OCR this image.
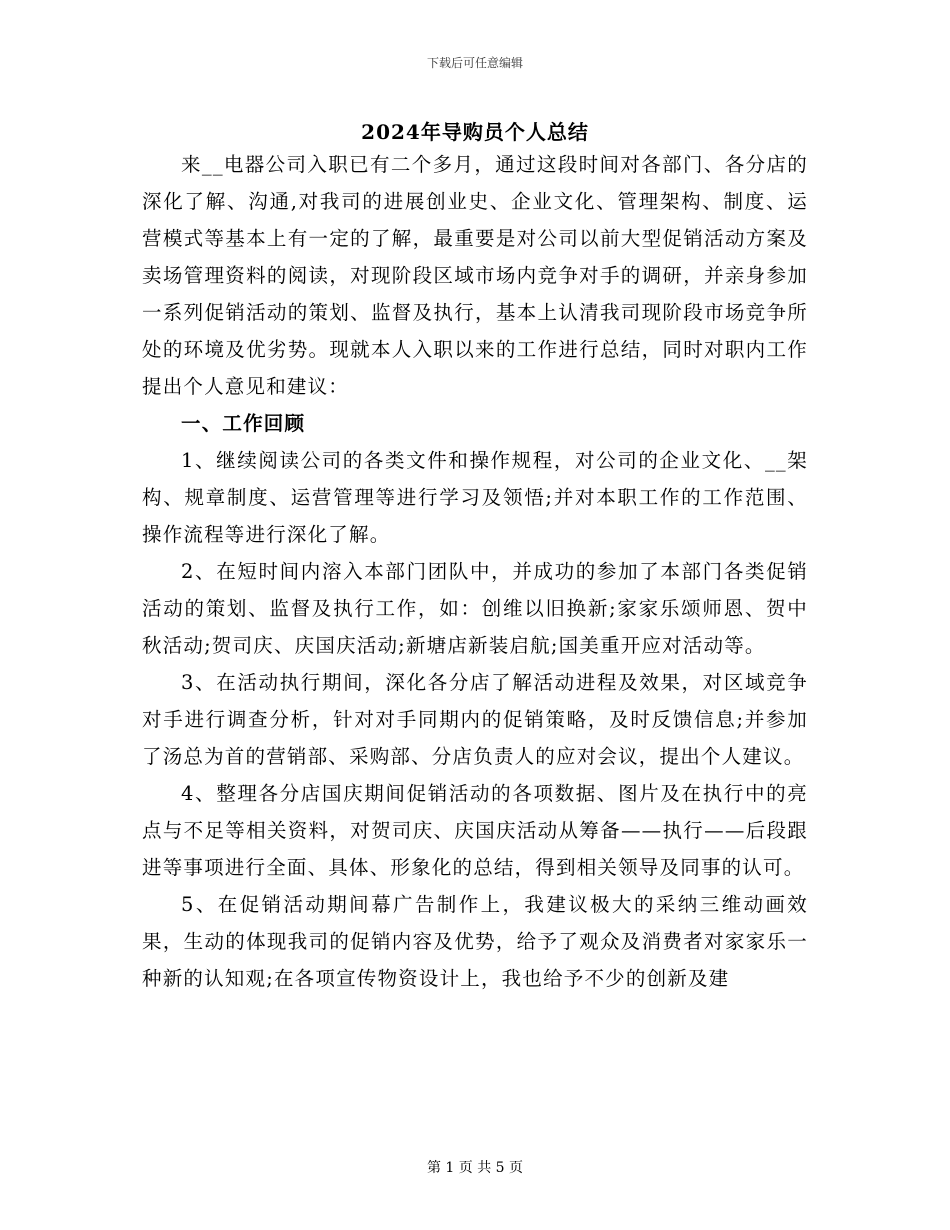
下载后可任意编辑
2024年导购员个人总结

来__电器公司入职已有二个多月，通过这段时间对各部门、各分店的深化了解、沟通,对我司的进展创业史、企业文化、管理架构、制度、运营模式等基本上有一定的了解，最重要是对公司以前大型促销活动方案及卖场管理资料的阅读，对现阶段区域市场内竞争对手的调研，并亲身参加一系列促销活动的策划、监督及执行，基本上认清我司现阶段市场竞争所处的环境及优劣势。现就本人入职以来的工作进行总结，同时对职内工作提出个人意见和建议：

一、工作回顾

1、继续阅读公司的各类文件和操作规程，对公司的企业文化、__架构、规章制度、运营管理等进行学习及领悟;并对本职工作的工作范围、操作流程等进行深化了解。

2、在短时间内溶入本部门团队中，并成功的参加了本部门各类促销活动的策划、监督及执行工作，如：创维以旧换新;家家乐颂师恩、贺中秋活动;贺司庆、庆国庆活动;新塘店新装启航;国美重开应对活动等。

3、在活动执行期间，深化各分店了解活动进程及效果，对区域竞争对手进行调查分析，针对对手同期内的促销策略，及时反馈信息;并参加了汤总为首的营销部、采购部、分店负责人的应对会议，提出个人建议。

4、整理各分店国庆期间促销活动的各项数据、图片及在执行中的亮点与不足等相关资料，对贺司庆、庆国庆活动从筹备——执行——后段跟进等事项进行全面、具体、形象化的总结，得到相关领导及同事的认可。

5、在促销活动期间幕广告制作上，我建议极大的采纳三维动画效果，生动的体现我司的促销内容及优势，给予了观众及消费者对家家乐一种新的认知观;在各项宣传物资设计上，我也给予不少的创新及建

第 1 页 共 5 页
